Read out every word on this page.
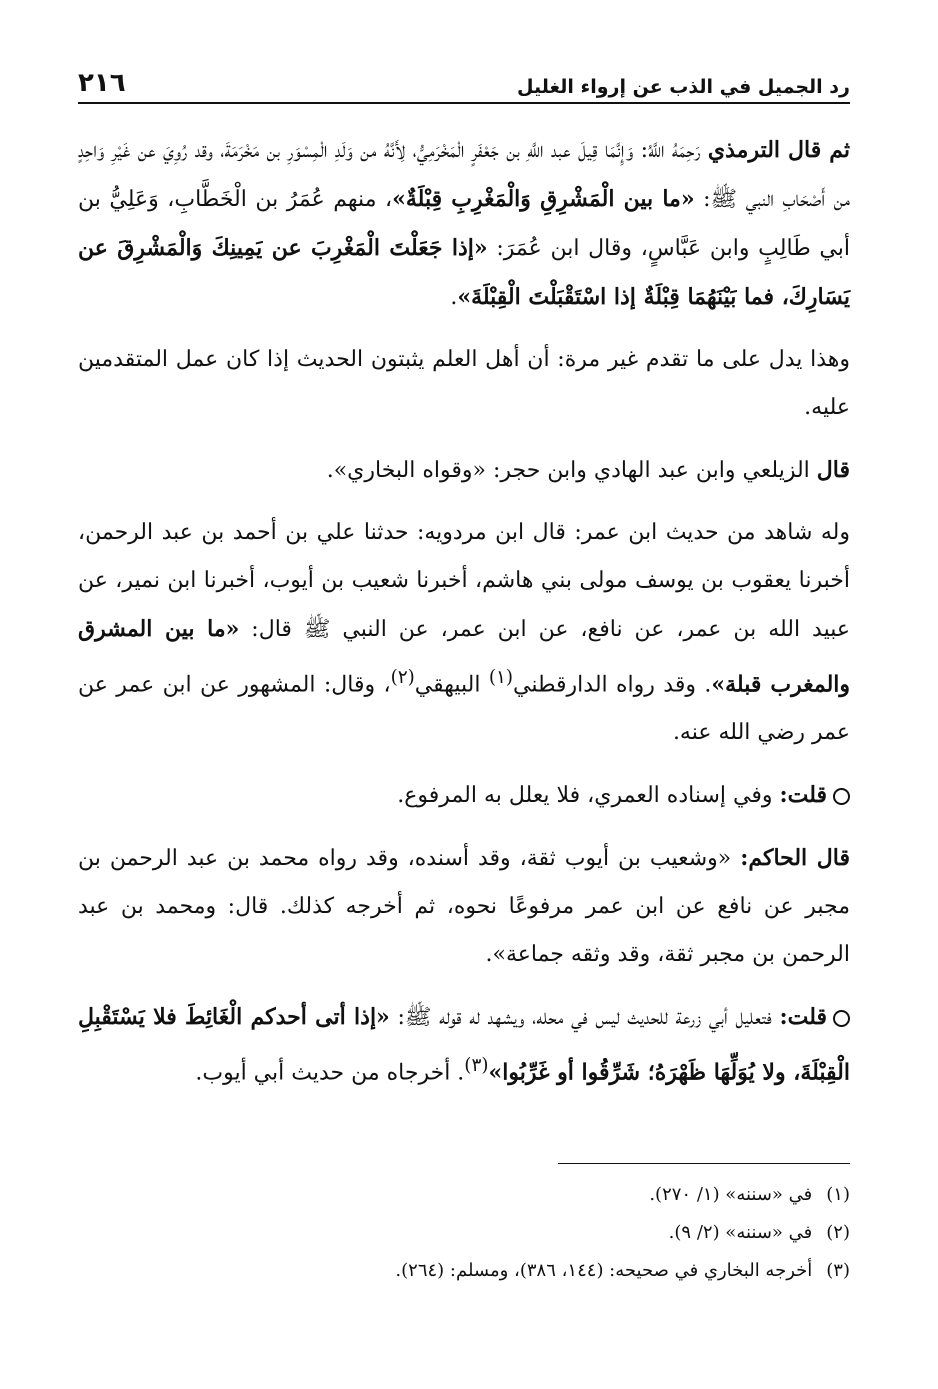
رد الجميل في الذب عن إرواء الغليل
٢١٦

ثم قال الترمذي رَحِمَهُ اللَّهُ: وَإِنَّمَا قِيلَ عبد اللَّهِ بن جَعْفَرٍ الْمَخْرَمِيُّ، لِأَنَّهُ من وَلَدِ الْمِسْوَرِ بن مَخْرَمَةَ، وقد رُوِيَ عن غَيْرِ وَاحِدٍ من أَصْحَابِ النبي ﷺ: «ما بين الْمَشْرِقِ وَالْمَغْرِبِ قِبْلَةٌ»، منهم عُمَرُ بن الْخَطَّابِ، وَعَلِيُّ بن أبي طَالِبٍ وابن عَبَّاسٍ، وقال ابن عُمَرَ: «إذا جَعَلْتَ الْمَغْرِبَ عن يَمِينِكَ وَالْمَشْرِقَ عن يَسَارِكَ، فما بَيْنَهُمَا قِبْلَةٌ إذا اسْتَقْبَلْتَ الْقِبْلَةَ».

وهذا يدل على ما تقدم غير مرة: أن أهل العلم يثبتون الحديث إذا كان عمل المتقدمين عليه.

قال الزيلعي وابن عبد الهادي وابن حجر: «وقواه البخاري».

وله شاهد من حديث ابن عمر: قال ابن مردويه: حدثنا علي بن أحمد بن عبد الرحمن، أخبرنا يعقوب بن يوسف مولى بني هاشم، أخبرنا شعيب بن أيوب، أخبرنا ابن نمير، عن عبيد الله بن عمر، عن نافع، عن ابن عمر، عن النبي ﷺ قال: «ما بين المشرق والمغرب قبلة». وقد رواه الدارقطني$^{(١)}$ البيهقي$^{(٢)}$، وقال: المشهور عن ابن عمر عن عمر رضي الله عنه.

قلت: وفي إسناده العمري، فلا يعلل به المرفوع.

قال الحاكم: «وشعيب بن أيوب ثقة، وقد أسنده، وقد رواه محمد بن عبد الرحمن بن مجبر عن نافع عن ابن عمر مرفوعًا نحوه، ثم أخرجه كذلك. قال: ومحمد بن عبد الرحمن بن مجبر ثقة، وقد وثقه جماعة».

قلت: فتعليل أبي زرعة للحديث ليس في محله، ويشهد له قوله ﷺ: «إذا أتى أحدكم الْغَائِطَ فلا يَسْتَقْبِلِ الْقِبْلَةَ، ولا يُوَلِّهَا ظَهْرَهُ؛ شَرِّقُوا أو غَرِّبُوا»$^{(٣)}$. أخرجاه من حديث أبي أيوب.

(١)
في «سننه» (١/ ٢٧٠).
(٢)
في «سننه» (٢/ ٩).
(٣)
أخرجه البخاري في صحيحه: (١٤٤، ٣٨٦)، ومسلم: (٢٦٤).
